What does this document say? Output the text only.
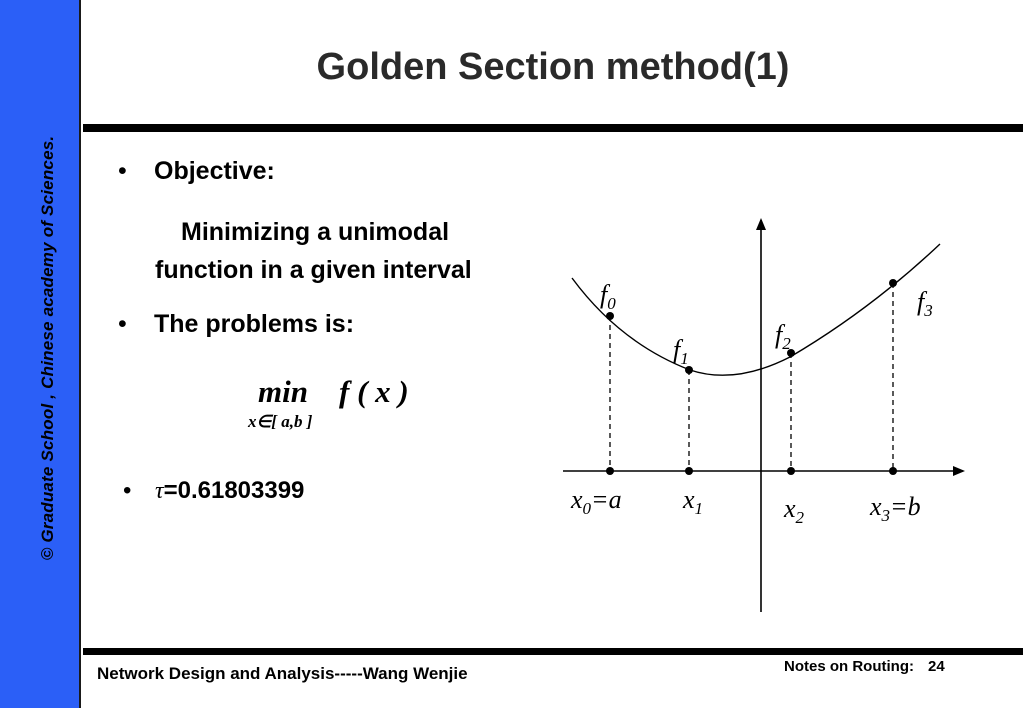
© Graduate School , Chinese academy of Sciences.
Golden Section method(1)
• Objective:
Minimizing a unimodal
function in a given interval
• The problems is:
min f ( x )
x∈[ a,b ]
• τ=0.61803399
$f_0$
$f_1$
$f_2$
$f_3$
$x_0=a$ $x_1$	$x_2$	$x_3=b$
Network Design and Analysis-----Wang Wenjie	Notes on Routing: 24
